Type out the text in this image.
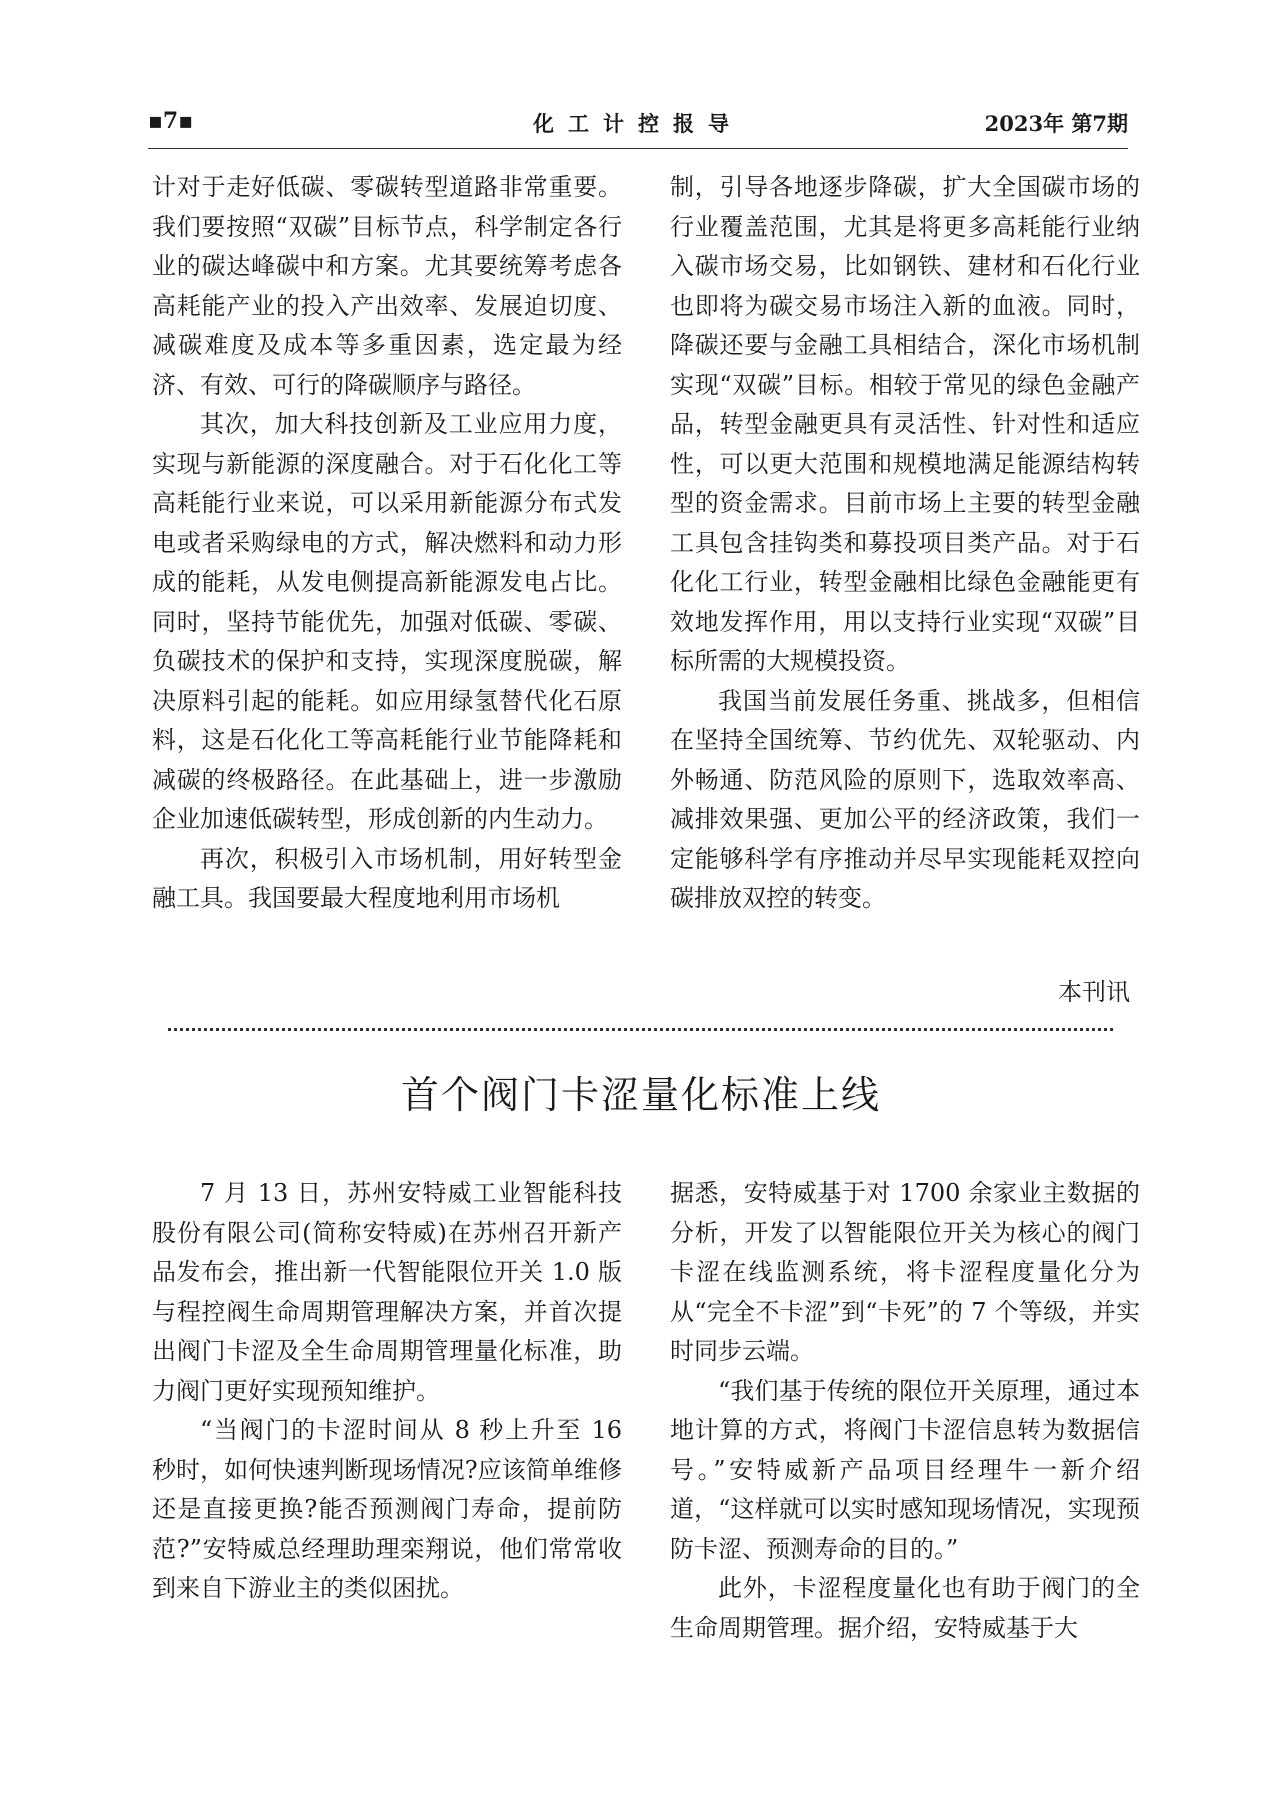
▪7▪	化工计控报导	2023年 第7期

计对于走好低碳、零碳转型道路非常重要。我们要按照“双碳”目标节点，科学制定各行业的碳达峰碳中和方案。尤其要统筹考虑各高耗能产业的投入产出效率、发展迫切度、减碳难度及成本等多重因素，选定最为经济、有效、可行的降碳顺序与路径。

其次，加大科技创新及工业应用力度，实现与新能源的深度融合。对于石化化工等高耗能行业来说，可以采用新能源分布式发电或者采购绿电的方式，解决燃料和动力形成的能耗，从发电侧提高新能源发电占比。同时，坚持节能优先，加强对低碳、零碳、负碳技术的保护和支持，实现深度脱碳，解决原料引起的能耗。如应用绿氢替代化石原料，这是石化化工等高耗能行业节能降耗和减碳的终极路径。在此基础上，进一步激励企业加速低碳转型，形成创新的内生动力。

再次，积极引入市场机制，用好转型金融工具。我国要最大程度地利用市场机

制，引导各地逐步降碳，扩大全国碳市场的行业覆盖范围，尤其是将更多高耗能行业纳入碳市场交易，比如钢铁、建材和石化行业也即将为碳交易市场注入新的血液。同时，降碳还要与金融工具相结合，深化市场机制实现“双碳”目标。相较于常见的绿色金融产品，转型金融更具有灵活性、针对性和适应性，可以更大范围和规模地满足能源结构转型的资金需求。目前市场上主要的转型金融工具包含挂钩类和募投项目类产品。对于石化化工行业，转型金融相比绿色金融能更有效地发挥作用，用以支持行业实现“双碳”目标所需的大规模投资。

我国当前发展任务重、挑战多，但相信在坚持全国统筹、节约优先、双轮驱动、内外畅通、防范风险的原则下，选取效率高、减排效果强、更加公平的经济政策，我们一定能够科学有序推动并尽早实现能耗双控向碳排放双控的转变。

本刊讯
首个阀门卡涩量化标准上线

7 月 13 日，苏州安特威工业智能科技股份有限公司(简称安特威)在苏州召开新产品发布会，推出新一代智能限位开关 1.0 版与程控阀生命周期管理解决方案，并首次提出阀门卡涩及全生命周期管理量化标准，助力阀门更好实现预知维护。

“当阀门的卡涩时间从 8 秒上升至 16 秒时，如何快速判断现场情况?应该简单维修还是直接更换?能否预测阀门寿命，提前防范?”安特威总经理助理栾翔说，他们常常收到来自下游业主的类似困扰。

据悉，安特威基于对 1700 余家业主数据的分析，开发了以智能限位开关为核心的阀门卡涩在线监测系统，将卡涩程度量化分为从“完全不卡涩”到“卡死”的 7 个等级，并实时同步云端。

“我们基于传统的限位开关原理，通过本地计算的方式，将阀门卡涩信息转为数据信号。”安特威新产品项目经理牛一新介绍道，“这样就可以实时感知现场情况，实现预防卡涩、预测寿命的目的。”

此外，卡涩程度量化也有助于阀门的全生命周期管理。据介绍，安特威基于大
